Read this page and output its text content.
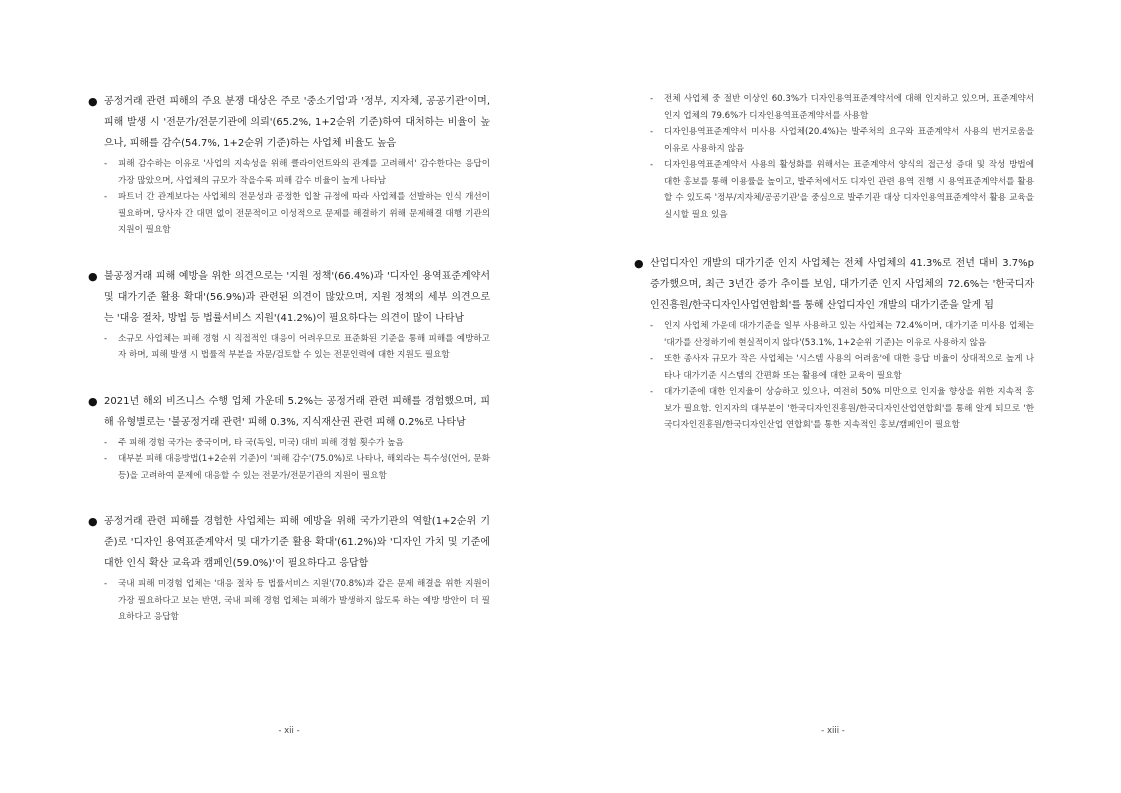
● 공정거래 관련 피해의 주요 분쟁 대상은 주로 '중소기업'과 '정부, 지자체, 공공기관'이며, 피해 발생 시 '전문가/전문기관에 의뢰'(65.2%, 1+2순위 기준)하여 대처하는 비율이 높으나, 피해를 감수(54.7%, 1+2순위 기준)하는 사업체 비율도 높음

- 피해 감수하는 이유로 '사업의 지속성을 위해 클라이언트와의 관계를 고려해서' 감수한다는 응답이 가장 많았으며, 사업체의 규모가 작을수록 피해 감수 비율이 높게 나타남

- 파트너 간 관계보다는 사업체의 전문성과 공정한 입찰 규정에 따라 사업체를 선발하는 인식 개선이 필요하며, 당사자 간 대면 없이 전문적이고 이성적으로 문제를 해결하기 위해 문제해결 대행 기관의 지원이 필요함

● 불공정거래 피해 예방을 위한 의견으로는 '지원 정책'(66.4%)과 '디자인 용역표준계약서 및 대가기준 활용 확대'(56.9%)과 관련된 의견이 많았으며, 지원 정책의 세부 의견으로는 '대응 절차, 방법 등 법률서비스 지원'(41.2%)이 필요하다는 의견이 많이 나타남

- 소규모 사업체는 피해 경험 시 직접적인 대응이 어려우므로 표준화된 기준을 통해 피해를 예방하고자 하며, 피해 발생 시 법률적 부분을 자문/검토할 수 있는 전문인력에 대한 지원도 필요함

● 2021년 해외 비즈니스 수행 업체 가운데 5.2%는 공정거래 관련 피해를 경험했으며, 피해 유형별로는 '불공정거래 관련' 피해 0.3%, 지식재산권 관련 피해 0.2%로 나타남

- 주 피해 경험 국가는 중국이며, 타 국(독일, 미국) 대비 피해 경험 횟수가 높음

- 대부분 피해 대응방법(1+2순위 기준)이 '피해 감수'(75.0%)로 나타나, 해외라는 특수성(언어, 문화 등)을 고려하여 문제에 대응할 수 있는 전문가/전문기관의 지원이 필요함

● 공정거래 관련 피해를 경험한 사업체는 피해 예방을 위해 국가기관의 역할(1+2순위 기준)로 '디자인 용역표준계약서 및 대가기준 활용 확대'(61.2%)와 '디자인 가치 및 기준에 대한 인식 확산 교육과 캠페인(59.0%)'이 필요하다고 응답함

- 국내 피해 미경험 업체는 '대응 절차 등 법률서비스 지원'(70.8%)과 같은 문제 해결을 위한 지원이 가장 필요하다고 보는 반면, 국내 피해 경험 업체는 피해가 발생하지 않도록 하는 예방 방안이 더 필요하다고 응답함

- xii -

- 전체 사업체 중 절반 이상인 60.3%가 디자인용역표준계약서에 대해 인지하고 있으며, 표준계약서 인지 업체의 79.6%가 디자인용역표준계약서를 사용함

- 디자인용역표준계약서 미사용 사업체(20.4%)는 발주처의 요구와 표준계약서 사용의 번거로움을 이유로 사용하지 않음

- 디자인용역표준계약서 사용의 활성화를 위해서는 표준계약서 양식의 접근성 증대 및 작성 방법에 대한 홍보를 통해 이용률을 높이고, 발주처에서도 디자인 관련 용역 진행 시 용역표준계약서를 활용할 수 있도록 '정부/지자체/공공기관'을 중심으로 발주기관 대상 디자인용역표준계약서 활용 교육을 실시할 필요 있음

● 산업디자인 개발의 대가기준 인지 사업체는 전체 사업체의 41.3%로 전년 대비 3.7%p 증가했으며, 최근 3년간 증가 추이를 보임, 대가기준 인지 사업체의 72.6%는 '한국디자인진흥원/한국디자인사업연합회'를 통해 산업디자인 개발의 대가기준을 알게 됨

- 인지 사업체 가운데 대가기준을 일부 사용하고 있는 사업체는 72.4%이며, 대가기준 미사용 업체는 '대가를 산정하기에 현실적이지 않다'(53.1%, 1+2순위 기준)는 이유로 사용하지 않음

- 또한 종사자 규모가 작은 사업체는 '시스템 사용의 어려움'에 대한 응답 비율이 상대적으로 높게 나타나 대가기준 시스템의 간편화 또는 활용에 대한 교육이 필요함

- 대가기준에 대한 인지율이 상승하고 있으나, 여전히 50% 미만으로 인지율 향상을 위한 지속적 홍보가 필요함. 인지자의 대부분이 '한국디자인진흥원/한국디자인산업연합회'를 통해 알게 되므로 '한국디자인진흥원/한국디자인산업 연합회'를 통한 지속적인 홍보/캠페인이 필요함

- xiii -
